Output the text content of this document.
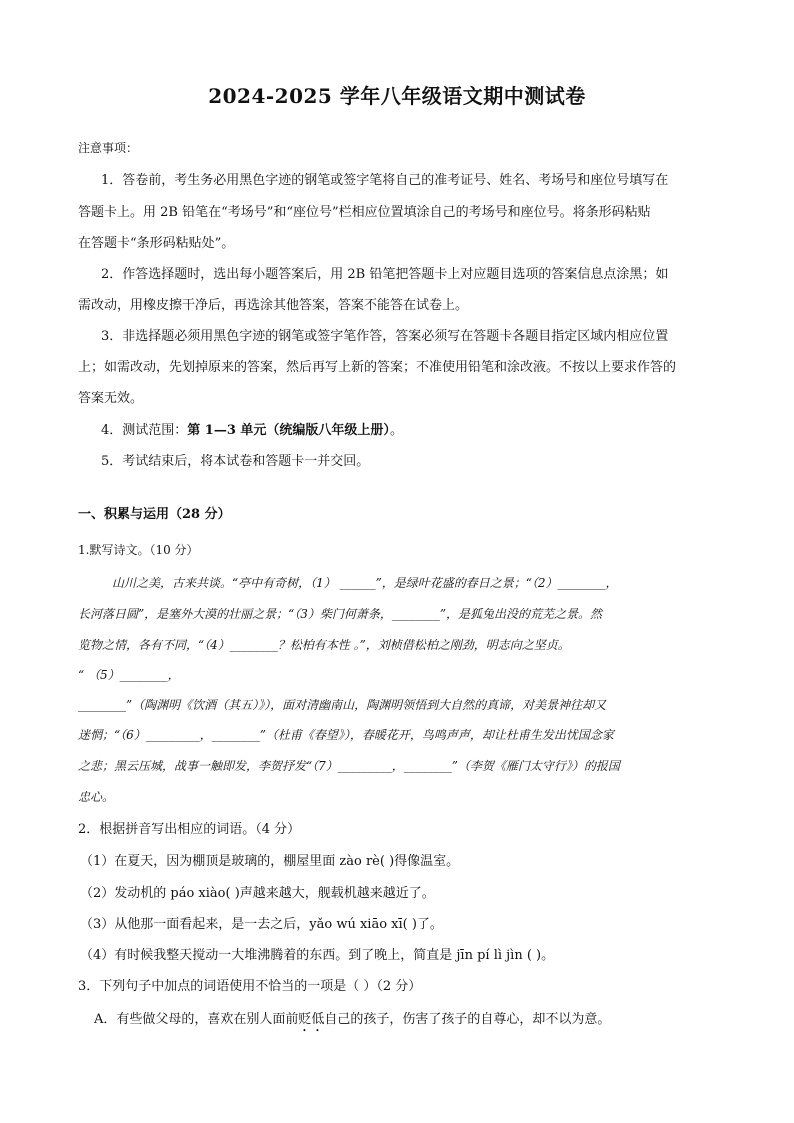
2024-2025 学年八年级语文期中测试卷
注意事项：
1．答卷前，考生务必用黑色字迹的钢笔或签字笔将自己的准考证号、姓名、考场号和座位号填写在
答题卡上。用 2B 铅笔在“考场号”和“座位号”栏相应位置填涂自己的考场号和座位号。将条形码粘贴
在答题卡“条形码粘贴处”。
2．作答选择题时，选出每小题答案后，用 2B 铅笔把答题卡上对应题目选项的答案信息点涂黑；如
需改动，用橡皮擦干净后，再选涂其他答案，答案不能答在试卷上。
3．非选择题必须用黑色字迹的钢笔或签字笔作答，答案必须写在答题卡各题目指定区域内相应位置
上；如需改动，先划掉原来的答案，然后再写上新的答案；不准使用铅笔和涂改液。不按以上要求作答的
答案无效。
4．测试范围：第 1—3 单元（统编版八年级上册）。
5．考试结束后，将本试卷和答题卡一并交回。
一、积累与运用（28 分）
1.默写诗文。（10 分）
山川之美，古来共谈。“亭中有奇树，（1） ______”，是绿叶花盛的春日之景；“（2）________，
长河落日圆”，是塞外大漠的壮丽之景；“（3）柴门何萧条，________”，是狐兔出没的荒芜之景。然
览物之情，各有不同，“（4）________？松柏有本性 。”，刘桢借松柏之刚劲，明志向之坚贞。
“ （5）________，
________”（陶渊明《饮酒（其五）》），面对清幽南山，陶渊明领悟到大自然的真谛，对美景神往却又
迷惘；“（6）_________，________”（杜甫《春望》），春暖花开，鸟鸣声声，却让杜甫生发出忧国念家
之悲；黑云压城，战事一触即发，李贺抒发“（7）_________，________”（李贺《雁门太守行》）的报国
忠心。
2．根据拼音写出相应的词语。（4 分）
（1）在夏天，因为棚顶是玻璃的，棚屋里面 zào rè( )得像温室。
（2）发动机的 páo xiào( )声越来越大，舰载机越来越近了。
（3）从他那一面看起来，是一去之后，yǎo wú xiāo xī( )了。
（4）有时候我整天搅动一大堆沸腾着的东西。到了晚上，简直是 jīn pí lì jìn ( )。
3．下列句子中加点的词语使用不恰当的一项是（ ）（2 分）
A．有些做父母的，喜欢在别人面前贬低自己的孩子，伤害了孩子的自尊心，却不以为意。
